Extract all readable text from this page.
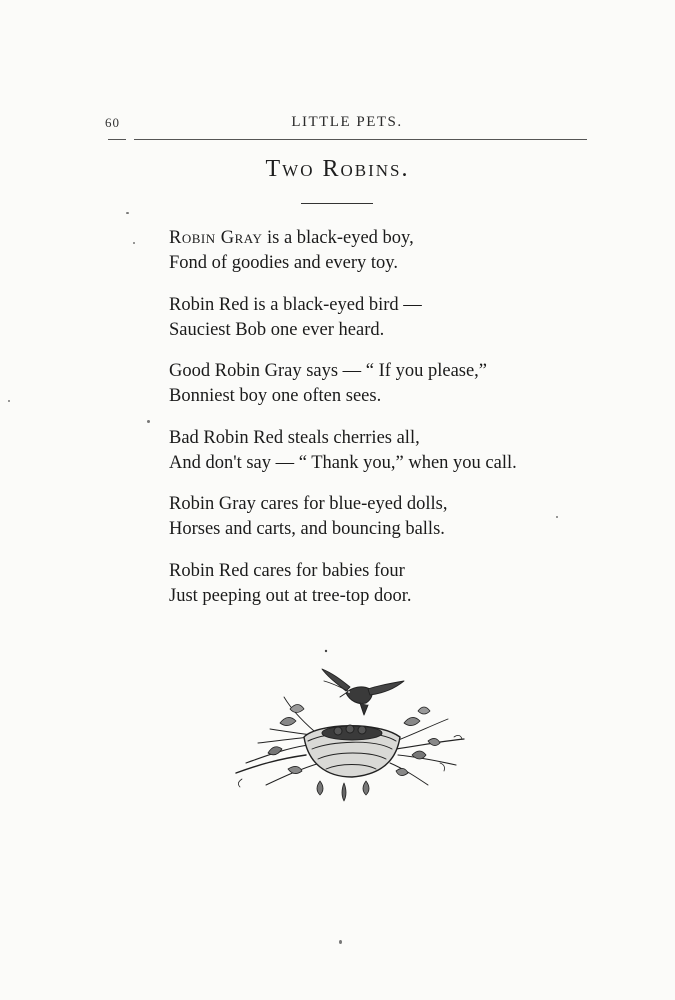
60	LITTLE PETS.
Two Robins.
Robin Gray is a black-eyed boy,
Fond of goodies and every toy.
Robin Red is a black-eyed bird —
Sauciest Bob one ever heard.
Good Robin Gray says — “ If you please,”
Bonniest boy one often sees.
Bad Robin Red steals cherries all,
And don't say — “ Thank you,” when you call.
Robin Gray cares for blue-eyed dolls,
Horses and carts, and bouncing balls.
Robin Red cares for babies four
Just peeping out at tree-top door.
